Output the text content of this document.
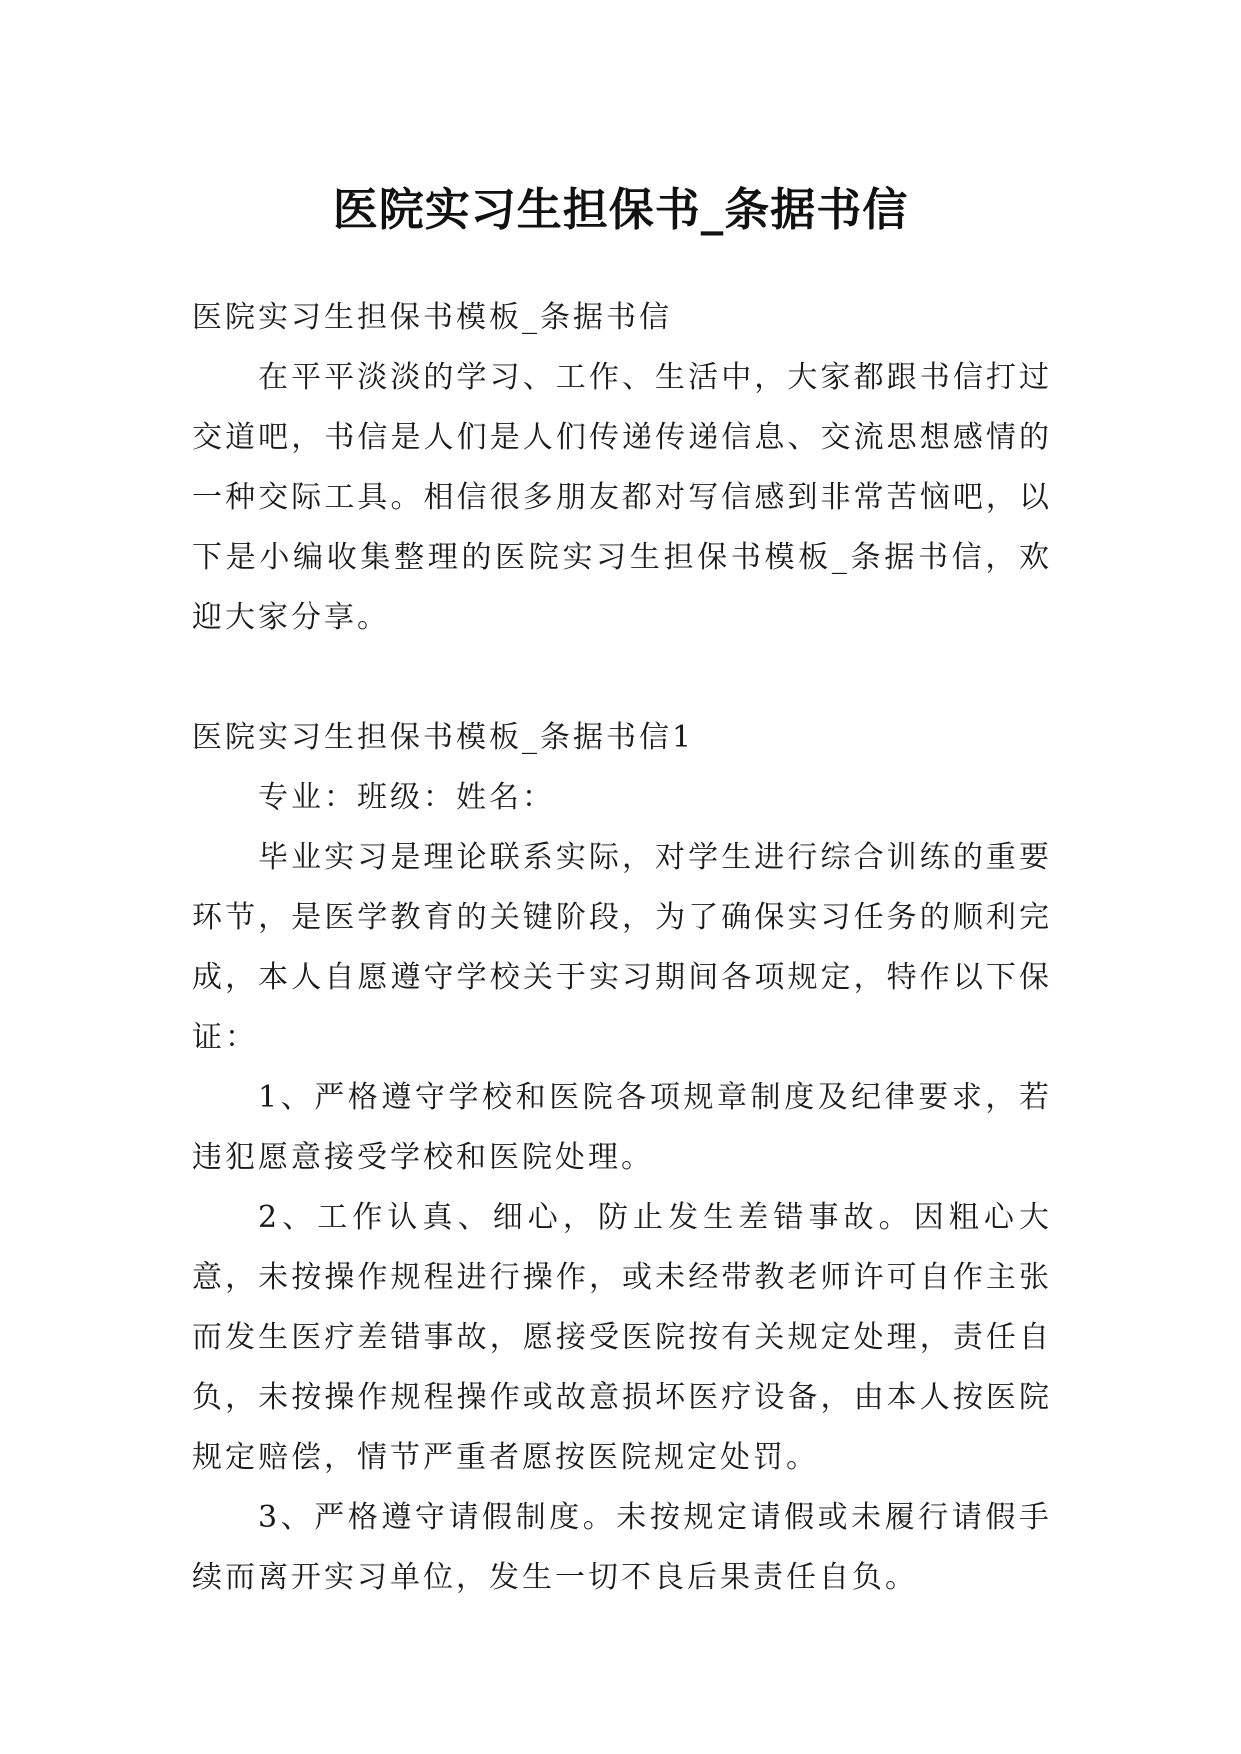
医院实习生担保书_条据书信

医院实习生担保书模板_条据书信

在平平淡淡的学习、工作、生活中，大家都跟书信打过交道吧，书信是人们是人们传递传递信息、交流思想感情的一种交际工具。相信很多朋友都对写信感到非常苦恼吧，以下是小编收集整理的医院实习生担保书模板_条据书信，欢迎大家分享。

医院实习生担保书模板_条据书信1

专业：班级：姓名：

毕业实习是理论联系实际，对学生进行综合训练的重要环节，是医学教育的关键阶段，为了确保实习任务的顺利完成，本人自愿遵守学校关于实习期间各项规定，特作以下保证：

1、严格遵守学校和医院各项规章制度及纪律要求，若违犯愿意接受学校和医院处理。

2、工作认真、细心，防止发生差错事故。因粗心大意，未按操作规程进行操作，或未经带教老师许可自作主张而发生医疗差错事故，愿接受医院按有关规定处理，责任自负，未按操作规程操作或故意损坏医疗设备，由本人按医院规定赔偿，情节严重者愿按医院规定处罚。

3、严格遵守请假制度。未按规定请假或未履行请假手续而离开实习单位，发生一切不良后果责任自负。
